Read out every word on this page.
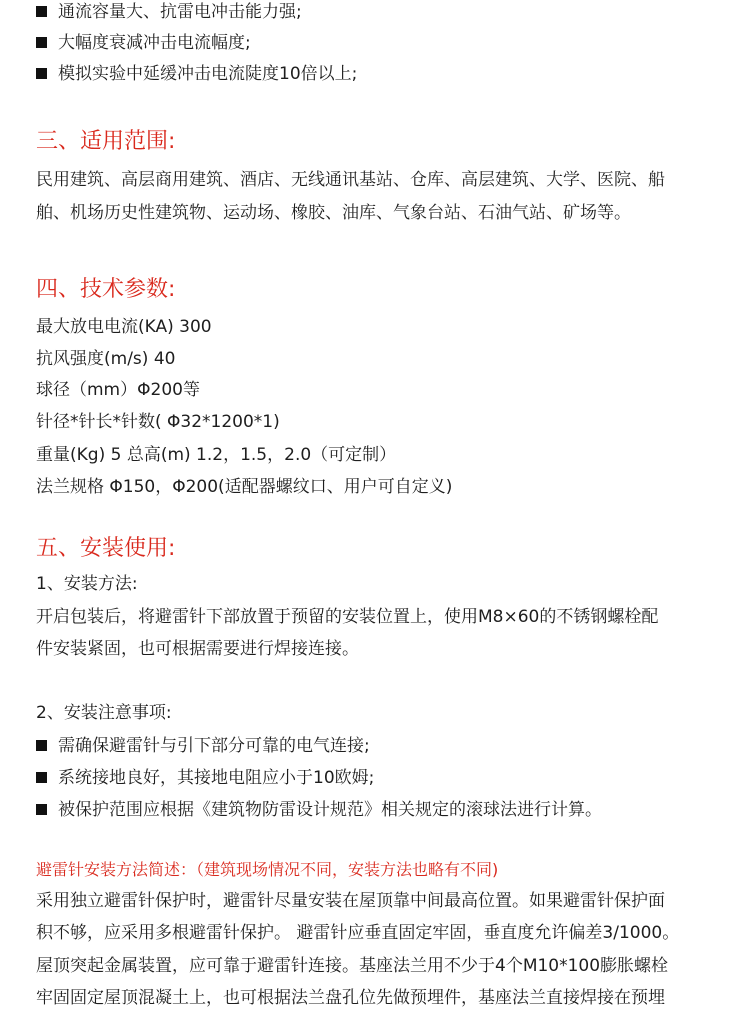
通流容量大、抗雷电冲击能力强;
大幅度衰减冲击电流幅度;
模拟实验中延缓冲击电流陡度10倍以上;
三、适用范围:
民用建筑、高层商用建筑、酒店、无线通讯基站、仓库、高层建筑、大学、医院、船
舶、机场历史性建筑物、运动场、橡胶、油库、气象台站、石油气站、矿场等。
四、技术参数:
最大放电电流(KA) 300
抗风强度(m/s) 40
球径（mm）Φ200等
针径*针长*针数( Φ32*1200*1)
重量(Kg) 5 总高(m) 1.2，1.5，2.0（可定制）
法兰规格 Φ150，Φ200(适配器螺纹口、用户可自定义)
五、安装使用:
1、安装方法:
开启包装后，将避雷针下部放置于预留的安装位置上，使用M8×60的不锈钢螺栓配
件安装紧固，也可根据需要进行焊接连接。
2、安装注意事项:
需确保避雷针与引下部分可靠的电气连接;
系统接地良好，其接地电阻应小于10欧姆;
被保护范围应根据《建筑物防雷设计规范》相关规定的滚球法进行计算。
避雷针安装方法简述：（建筑现场情况不同，安装方法也略有不同)
采用独立避雷针保护时，避雷针尽量安装在屋顶靠中间最高位置。如果避雷针保护面
积不够，应采用多根避雷针保护。 避雷针应垂直固定牢固，垂直度允许偏差3/1000。
屋顶突起金属装置，应可靠于避雷针连接。基座法兰用不少于4个M10*100膨胀螺栓
牢固固定屋顶混凝土上，也可根据法兰盘孔位先做预埋件，基座法兰直接焊接在预埋
